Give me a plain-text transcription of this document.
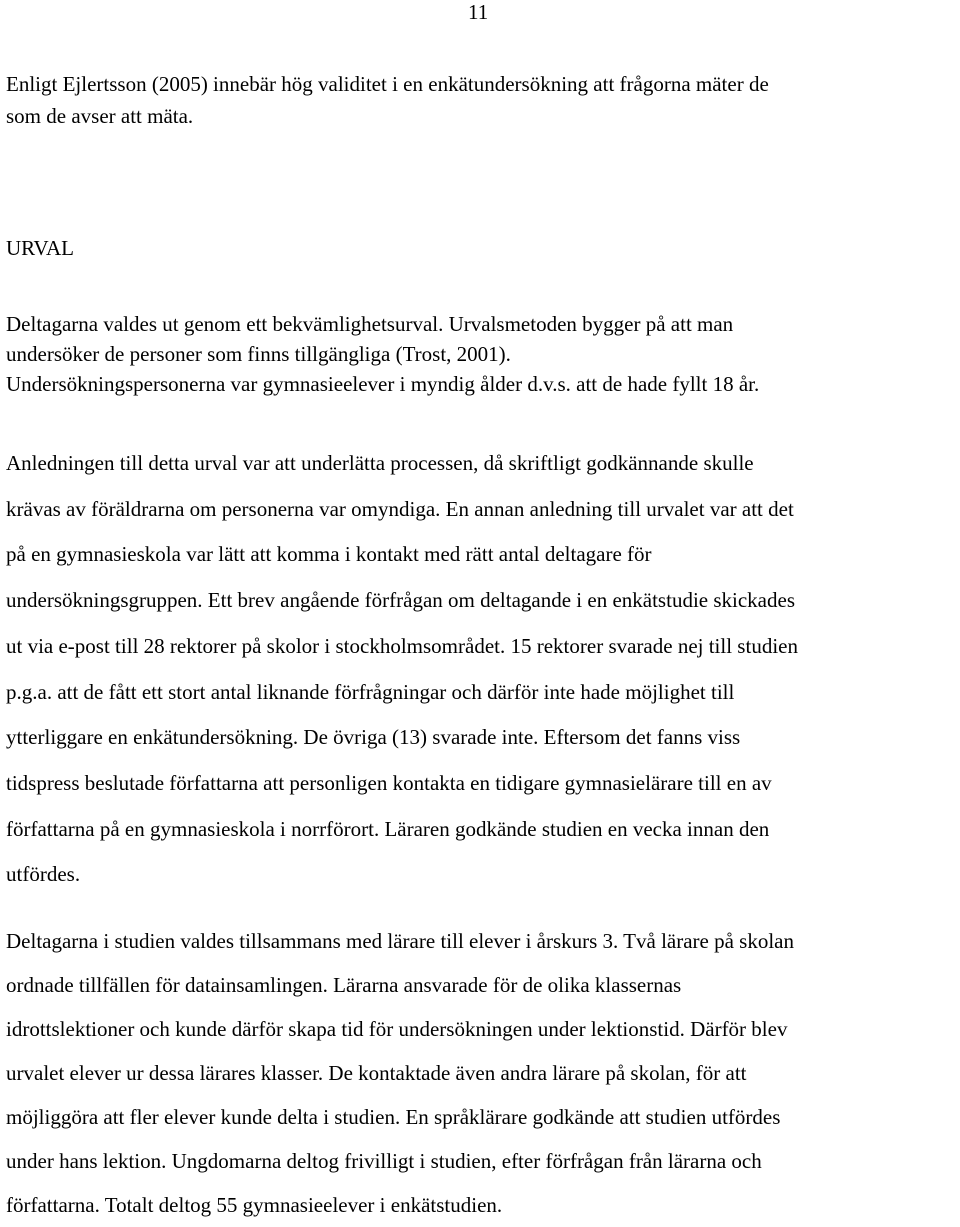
11

Enligt Ejlertsson (2005) innebär hög validitet i en enkätundersökning att frågorna mäter de
som de avser att mäta.

URVAL

Deltagarna valdes ut genom ett bekvämlighetsurval. Urvalsmetoden bygger på att man
undersöker de personer som finns tillgängliga (Trost, 2001).
Undersökningspersonerna var gymnasieelever i myndig ålder d.v.s. att de hade fyllt 18 år.

Anledningen till detta urval var att underlätta processen, då skriftligt godkännande skulle
krävas av föräldrarna om personerna var omyndiga. En annan anledning till urvalet var att det
på en gymnasieskola var lätt att komma i kontakt med rätt antal deltagare för
undersökningsgruppen. Ett brev angående förfrågan om deltagande i en enkätstudie skickades
ut via e-post till 28 rektorer på skolor i stockholmsområdet. 15 rektorer svarade nej till studien
p.g.a. att de fått ett stort antal liknande förfrågningar och därför inte hade möjlighet till
ytterliggare en enkätundersökning. De övriga (13) svarade inte. Eftersom det fanns viss
tidspress beslutade författarna att personligen kontakta en tidigare gymnasielärare till en av
författarna på en gymnasieskola i norrförort. Läraren godkände studien en vecka innan den
utfördes.

Deltagarna i studien valdes tillsammans med lärare till elever i årskurs 3. Två lärare på skolan
ordnade tillfällen för datainsamlingen. Lärarna ansvarade för de olika klassernas
idrottslektioner och kunde därför skapa tid för undersökningen under lektionstid. Därför blev
urvalet elever ur dessa lärares klasser. De kontaktade även andra lärare på skolan, för att
möjliggöra att fler elever kunde delta i studien. En språklärare godkände att studien utfördes
under hans lektion. Ungdomarna deltog frivilligt i studien, efter förfrågan från lärarna och
författarna. Totalt deltog 55 gymnasieelever i enkätstudien.
